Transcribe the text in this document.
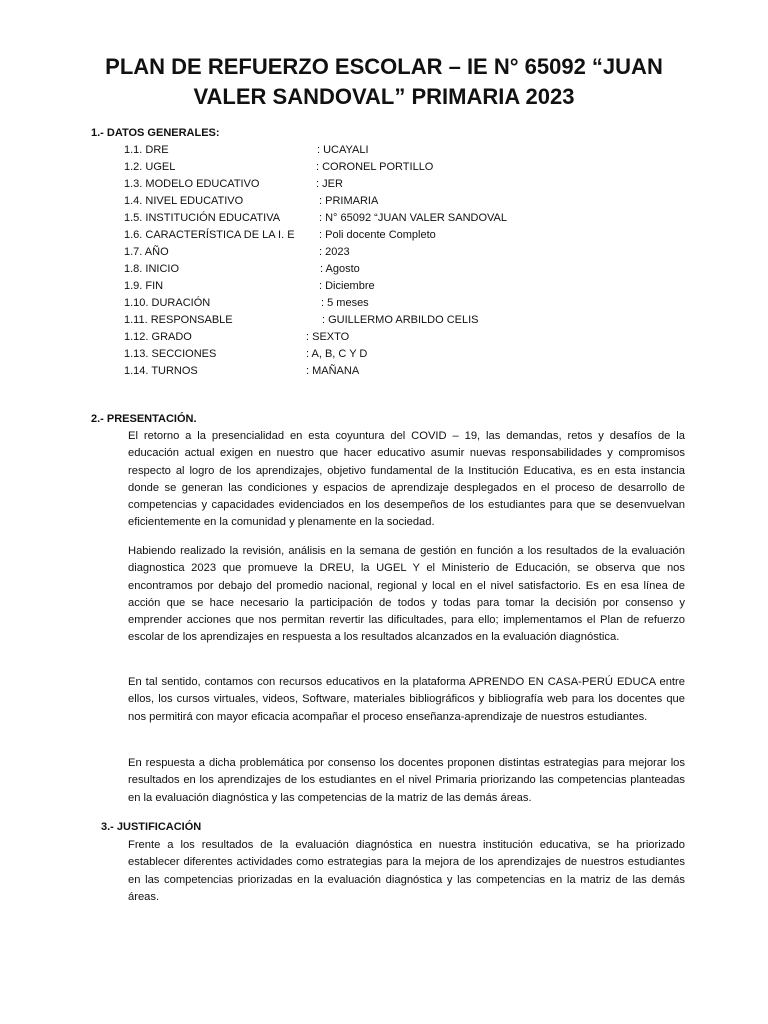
PLAN DE REFUERZO ESCOLAR – IE N° 65092 “JUAN VALER SANDOVAL” PRIMARIA 2023
1.- DATOS GENERALES:
1.1. DRE	: UCAYALI
1.2. UGEL	: CORONEL PORTILLO
1.3. MODELO EDUCATIVO	: JER
1.4. NIVEL EDUCATIVO	: PRIMARIA
1.5. INSTITUCIÓN EDUCATIVA	: N° 65092 “JUAN VALER SANDOVAL
1.6. CARACTERÍSTICA DE LA I. E : Poli docente Completo
1.7. AÑO	: 2023
1.8. INICIO	: Agosto
1.9. FIN	: Diciembre
1.10. DURACIÓN	: 5 meses
1.11. RESPONSABLE	: GUILLERMO ARBILDO CELIS
1.12. GRADO	: SEXTO
1.13. SECCIONES	: A, B, C Y D
1.14. TURNOS	: MAÑANA
2.- PRESENTACIÓN.

El retorno a la presencialidad en esta coyuntura del COVID – 19, las demandas, retos y desafíos de la educación actual exigen en nuestro que hacer educativo asumir nuevas responsabilidades y compromisos respecto al logro de los aprendizajes, objetivo fundamental de la Institución Educativa, es en esta instancia donde se generan las condiciones y espacios de aprendizaje desplegados en el proceso de desarrollo de competencias y capacidades evidenciados en los desempeños de los estudiantes para que se desenvuelvan eficientemente en la comunidad y plenamente en la sociedad.

Habiendo realizado la revisión, análisis en la semana de gestión en función a los resultados de la evaluación diagnostica 2023 que promueve la DREU, la UGEL Y el Ministerio de Educación, se observa que nos encontramos por debajo del promedio nacional, regional y local en el nivel satisfactorio. Es en esa línea de acción que se hace necesario la participación de todos y todas para tomar la decisión por consenso y emprender acciones que nos permitan revertir las dificultades, para ello; implementamos el Plan de refuerzo escolar de los aprendizajes en respuesta a los resultados alcanzados en la evaluación diagnóstica.

En tal sentido, contamos con recursos educativos en la plataforma APRENDO EN CASA-PERÚ EDUCA entre ellos, los cursos virtuales, videos, Software, materiales bibliográficos y bibliografía web para los docentes que nos permitirá con mayor eficacia acompañar el proceso enseñanza-aprendizaje de nuestros estudiantes.

En respuesta a dicha problemática por consenso los docentes proponen distintas estrategias para mejorar los resultados en los aprendizajes de los estudiantes en el nivel Primaria priorizando las competencias planteadas en la evaluación diagnóstica y las competencias de la matriz de las demás áreas.

3.- JUSTIFICACIÓN

Frente a los resultados de la evaluación diagnóstica en nuestra institución educativa, se ha priorizado establecer diferentes actividades como estrategias para la mejora de los aprendizajes de nuestros estudiantes en las competencias priorizadas en la evaluación diagnóstica y las competencias en la matriz de las demás áreas.
